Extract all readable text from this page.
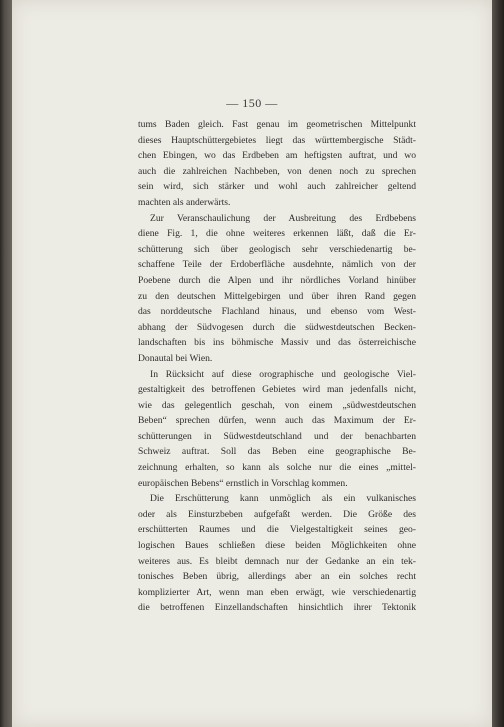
— 150 —
tums Baden gleich. Fast genau im geometrischen Mittelpunkt
dieses Hauptschüttergebietes liegt das württembergische Städt-
chen Ebingen, wo das Erdbeben am heftigsten auftrat, und wo
auch die zahlreichen Nachbeben, von denen noch zu sprechen
sein wird, sich stärker und wohl auch zahlreicher geltend
machten als anderwärts.
Zur Veranschaulichung der Ausbreitung des Erdbebens
diene Fig. 1, die ohne weiteres erkennen läßt, daß die Er-
schütterung sich über geologisch sehr verschiedenartig be-
schaffene Teile der Erdoberfläche ausdehnte, nämlich von der
Poebene durch die Alpen und ihr nördliches Vorland hinüber
zu den deutschen Mittelgebirgen und über ihren Rand gegen
das norddeutsche Flachland hinaus, und ebenso vom West-
abhang der Südvogesen durch die südwestdeutschen Becken-
landschaften bis ins böhmische Massiv und das österreichische
Donautal bei Wien.
In Rücksicht auf diese orographische und geologische Viel-
gestaltigkeit des betroffenen Gebietes wird man jedenfalls nicht,
wie das gelegentlich geschah, von einem „südwestdeutschen
Beben“ sprechen dürfen, wenn auch das Maximum der Er-
schütterungen in Südwestdeutschland und der benachbarten
Schweiz auftrat. Soll das Beben eine geographische Be-
zeichnung erhalten, so kann als solche nur die eines „mittel-
europäischen Bebens“ ernstlich in Vorschlag kommen.
Die Erschütterung kann unmöglich als ein vulkanisches
oder als Einsturzbeben aufgefaßt werden. Die Größe des
erschütterten Raumes und die Vielgestaltigkeit seines geo-
logischen Baues schließen diese beiden Möglichkeiten ohne
weiteres aus. Es bleibt demnach nur der Gedanke an ein tek-
tonisches Beben übrig, allerdings aber an ein solches recht
komplizierter Art, wenn man eben erwägt, wie verschiedenartig
die betroffenen Einzellandschaften hinsichtlich ihrer Tektonik
